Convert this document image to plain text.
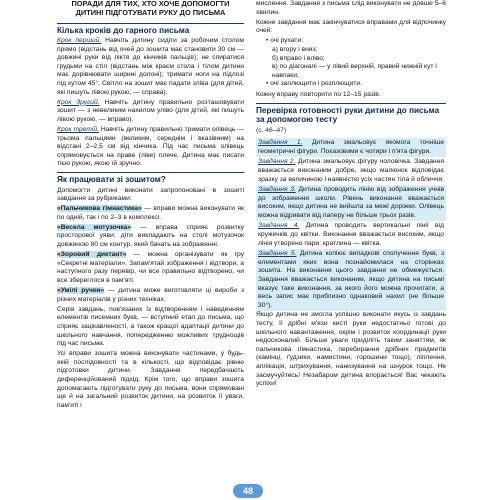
ПОРАДИ ДЛЯ ТИХ, ХТО ХОЧЕ ДОПОМОГТИ ДИТИНІ ПІДГОТУВАТИ РУКУ ДО ПИСЬМА
Кілька кроків до гарного письма

Крок перший. Навчіть дитину сидіти за робочим столом прямо (відстань від очей до зошита має становити 30 см — довжині руки від ліктя до кінчиків пальців); не спиратися грудьми на стіл (відстань між краєм стола і тілом дитини має дорівнювати ширині долоні); тримати ноги на підлозі під кутом 45°. Світло на зошит має падати зліва (для дітей, які пишуть лівою рукою, — справа).

Крок другий. Навчіть дитину правильно розташовувати зошит — з невеликим нахилом уліво (для дітей, які пишуть лівою рукою, — вправо).

Крок третій. Навчіть дитину правильно тримати олівець — трьома пальцями (великим, середнім і вказівним) на відстані 2–2,5 см від кінчика. Під час письма олівець спрямовується на праве (ліве) плече. Дитина має писати тією рукою, якою їй зручно.

Як працювати зі зошитом?

Допомогти дитині виконати запропоновані в зошиті завдання за рубриками:

«Пальчикова гімнастика» — вправи можна виконувати як по одній, так і по 2–3 в комплексі.

«Весела мотузочка» — вправа сприяє розвитку просторової уяви: діти викладають на столі мотузочок довжиною 80 см контур, який бачать на зображенні.

«Зоровий диктант» — можна організувати як гру «Секретні матеріали». Запам'ятай зображення і відтвори, а наступного разу перевір, чи все правильно відтворено, чи все збереглося в пам'яті.

«Умілі ручки» — дитина може виготовляти ці вироби з різних матеріалів у різних техніках.

Серія завдань, пов'язаних із відтворенням і наведенням елементів писемних букв, — вступний етап до письма, що сприяє зацікавленості, а також кращої адаптації дитини до шкільного навчання, попередженню можливих труднощів під час письма.

Усі вправи зошита можна виконувати частинами, у будь-якій послідовності та в кількості, що відповідає рівню підготовки дитини. Завдання передбачають диференційований підхід. Крім того, що вправи зошита допомагають підготувати руку до письма, вони спрямовані ще й на загальний розвиток дитини, на розвиток її уваги, пам'яті і

мислення. Завдання з письма слід виконувати не довше 5–6 хвилин.

Кожне завдання має закінчуватися вправами для відпочинку очей:

• очі рухати:
а) вгору і вниз;
б) вправо і вліво;
в) по діагоналі — у лівий верхній, правий нижній кут і навпаки;
• очі заплющити і розплющити.

Кожну вправу повторити по 12–15 разів.

Перевірка готовності руки дитини до письма за допомогою тесту
(с. 46–47)

Завдання 1. Дитина змальовує якомога точніше геометричні фігури. Показовими є чотири і п'ята фігури.

Завдання 2. Дитина змальовує фігуру чоловічка. Завдання вважається виконаним добре, якщо малюнок відповідає зразку за величиною і наявністю усіх частин тіла й обличчя.

Завдання 3. Дитина проводить лінію від зображення учнів до зображення школи. Рівень виконання вважається високим, якщо дитина не вийшла за межі доріжки. Олівець можна відривати від паперу не більше трьох разів.

Завдання 4. Дитина проводить вертикальні лінії від кружечків до квітки. Виконання вважається високим, якщо лінія утворено пари: кратлина — квітка.

Завдання 5. Дитина копіює випадкові сполучення букв, з елементами яких вона познайомилася на сторінках зошита. На виконання цього завдання не обмежується. Завдання вважається виконаним, якщо дитина на письмі вказує таке виконання, за якого його можна прочитати, а весь запис має приблизно однаковий нахил (не більше 30°).

Якщо дитина не змогла успішно виконати якусь із завдань тесту, її дрібні м'язи кисті руки недостатньо готові до шкільного навантаження, окрім і розвиток координації руки недосконалий. Більше уваги приділіть таким заняттям, як пальчикова гімнастика, перебирання дрібних предметів (камінці, ґудзики, намистини, горошини тощо), ліплення, аплікація, штрихування, нанизування на шнурок тощо. Не засмучуйтесь! Незабаром дитина впорається! Вас чекають успіхи!

48
